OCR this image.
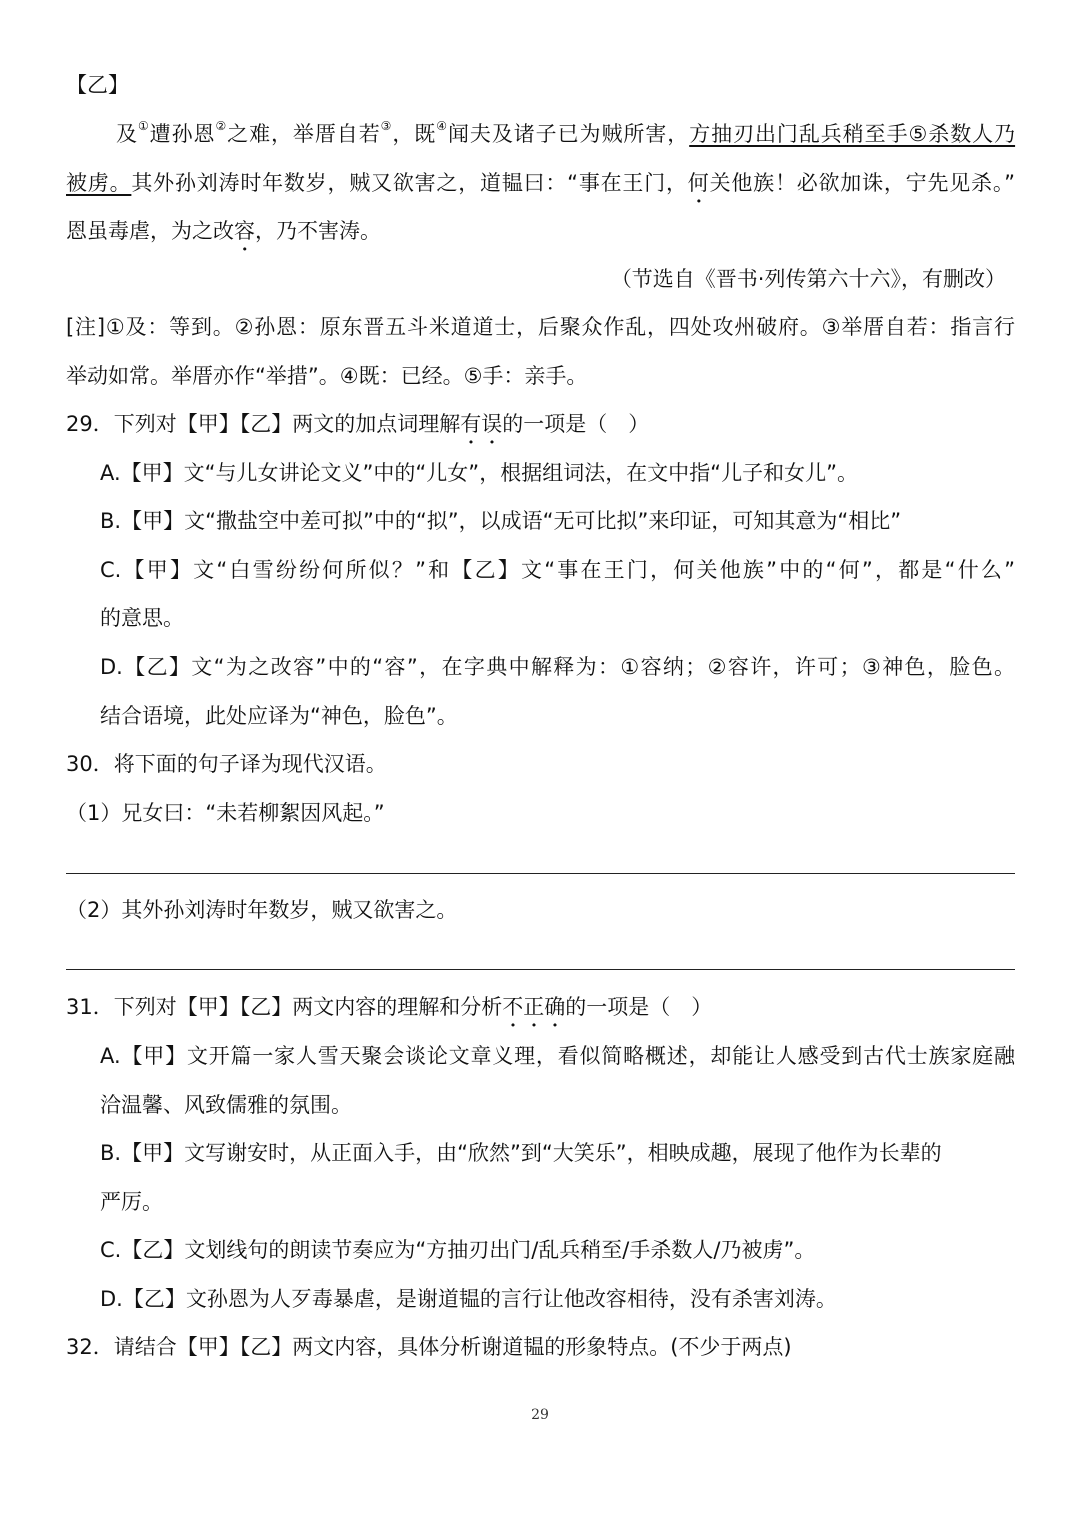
【乙】
及①遭孙恩②之难，举厝自若③，既④闻夫及诸子已为贼所害，方抽刃出门乱兵稍至手⑤杀数人乃
被虏。其外孙刘涛时年数岁，贼又欲害之，道韫曰：“事在王门，何关他族！必欲加诛，宁先见杀。”
恩虽毒虐，为之改容，乃不害涛。
（节选自《晋书·列传第六十六》，有删改）
[注]①及：等到。②孙恩：原东晋五斗米道道士，后聚众作乱，四处攻州破府。③举厝自若：指言行
举动如常。举厝亦作“举措”。④既：已经。⑤手：亲手。
29．下列对【甲】【乙】两文的加点词理解有误的一项是（　）
A.【甲】文“与儿女讲论文义”中的“儿女”，根据组词法，在文中指“儿子和女儿”。
B.【甲】文“撒盐空中差可拟”中的“拟”，以成语“无可比拟”来印证，可知其意为“相比”
C.【甲】文“白雪纷纷何所似？”和【乙】文“事在王门，何关他族”中的“何”，都是“什么”
的意思。
D.【乙】文“为之改容”中的“容”，在字典中解释为：①容纳；②容许，许可；③神色，脸色。
结合语境，此处应译为“神色，脸色”。
30．将下面的句子译为现代汉语。
（1）兄女曰：“未若柳絮因风起。”
（2）其外孙刘涛时年数岁，贼又欲害之。
31．下列对【甲】【乙】两文内容的理解和分析不正确的一项是（　）
A.【甲】文开篇一家人雪天聚会谈论文章义理，看似简略概述，却能让人感受到古代士族家庭融
洽温馨、风致儒雅的氛围。
B.【甲】文写谢安时，从正面入手，由“欣然”到“大笑乐”，相映成趣，展现了他作为长辈的
严厉。
C.【乙】文划线句的朗读节奏应为“方抽刃出门/乱兵稍至/手杀数人/乃被虏”。
D.【乙】文孙恩为人歹毒暴虐，是谢道韫的言行让他改容相待，没有杀害刘涛。
32．请结合【甲】【乙】两文内容，具体分析谢道韫的形象特点。(不少于两点)
29
